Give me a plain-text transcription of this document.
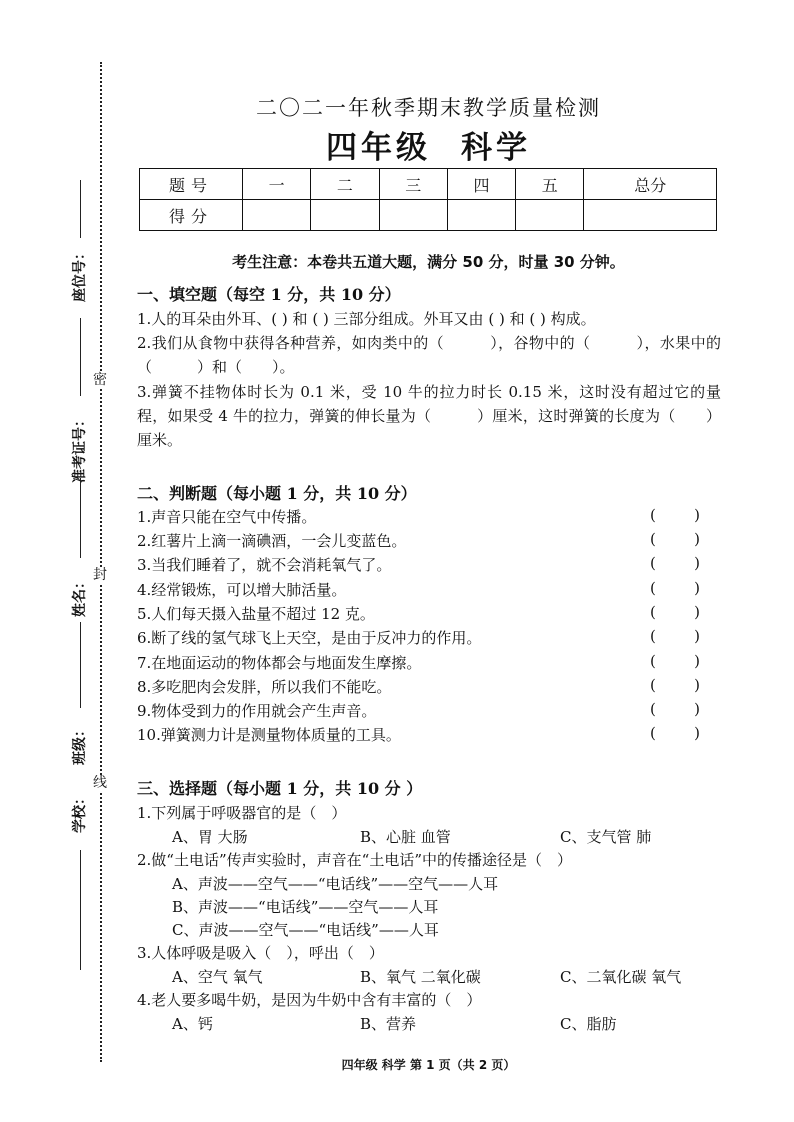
密
封
线
座位号：
准考证号：
姓名：
班级：
学校：
二〇二一年秋季期末教学质量检测
四年级 科学
题号	一	二	三	四	五	总分
得分						
考生注意：本卷共五道大题，满分 50 分，时量 30 分钟。
一、填空题（每空 1 分，共 10 分）
1.人的耳朵由外耳、( ) 和 ( ) 三部分组成。外耳又由 ( ) 和 ( ) 构成。
2.我们从食物中获得各种营养，如肉类中的（　　　），谷物中的（　　　），水果中的（　　　）和（　　）。
3.弹簧不挂物体时长为 0.1 米，受 10 牛的拉力时长 0.15 米，这时没有超过它的量程，如果受 4 牛的拉力，弹簧的伸长量为（　　　）厘米，这时弹簧的长度为（　　）厘米。
二、判断题（每小题 1 分，共 10 分）
1.声音只能在空气中传播。	(	)
2.红薯片上滴一滴碘酒，一会儿变蓝色。	(	)
3.当我们睡着了，就不会消耗氧气了。	(	)
4.经常锻炼，可以增大肺活量。	(	)
5.人们每天摄入盐量不超过 12 克。	(	)
6.断了线的氢气球飞上天空，是由于反冲力的作用。	(	)
7.在地面运动的物体都会与地面发生摩擦。	(	)
8.多吃肥肉会发胖，所以我们不能吃。	(	)
9.物体受到力的作用就会产生声音。	(	)
10.弹簧测力计是测量物体质量的工具。	(	)
三、选择题（每小题 1 分，共 10 分 ）
1.下列属于呼吸器官的是（　）
A、胃 大肠	B、心脏 血管	C、支气管 肺
2.做“土电话”传声实验时，声音在“土电话”中的传播途径是（　）
A、声波——空气——“电话线”——空气——人耳
B、声波——“电话线”——空气——人耳
C、声波——空气——“电话线”——人耳
3.人体呼吸是吸入（　），呼出（　）
A、空气 氧气	B、氧气 二氧化碳	C、二氧化碳 氧气
4.老人要多喝牛奶，是因为牛奶中含有丰富的（　）
A、钙	B、营养	C、脂肪
四年级 科学 第 1 页（共 2 页）
